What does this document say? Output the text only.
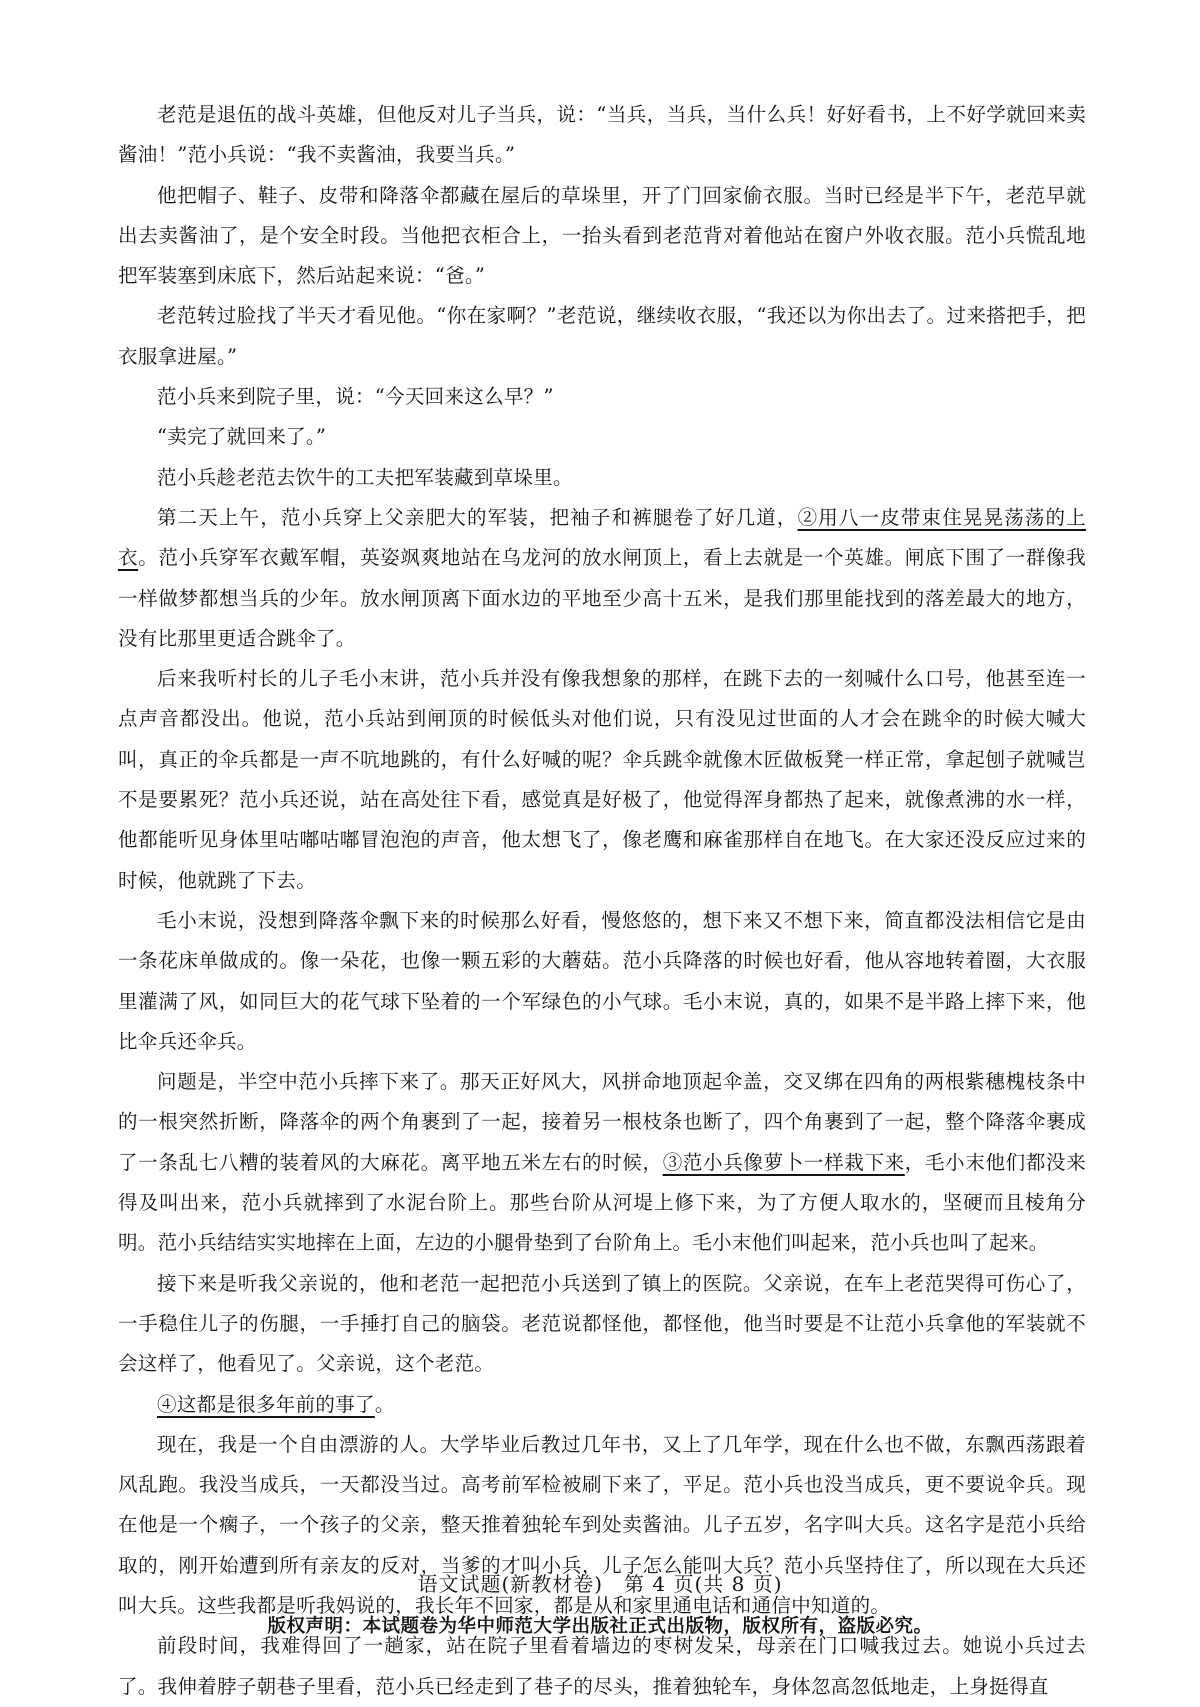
老范是退伍的战斗英雄，但他反对儿子当兵，说：“当兵，当兵，当什么兵！好好看书，上不好学就回来卖酱油！”范小兵说：“我不卖酱油，我要当兵。”

他把帽子、鞋子、皮带和降落伞都藏在屋后的草垛里，开了门回家偷衣服。当时已经是半下午，老范早就出去卖酱油了，是个安全时段。当他把衣柜合上，一抬头看到老范背对着他站在窗户外收衣服。范小兵慌乱地把军装塞到床底下，然后站起来说：“爸。”

老范转过脸找了半天才看见他。“你在家啊？”老范说，继续收衣服，“我还以为你出去了。过来搭把手，把衣服拿进屋。”

范小兵来到院子里，说：“今天回来这么早？”

“卖完了就回来了。”

范小兵趁老范去饮牛的工夫把军装藏到草垛里。

第二天上午，范小兵穿上父亲肥大的军装，把袖子和裤腿卷了好几道，②用八一皮带束住晃晃荡荡的上衣。范小兵穿军衣戴军帽，英姿飒爽地站在乌龙河的放水闸顶上，看上去就是一个英雄。闸底下围了一群像我一样做梦都想当兵的少年。放水闸顶离下面水边的平地至少高十五米，是我们那里能找到的落差最大的地方，没有比那里更适合跳伞了。

后来我听村长的儿子毛小末讲，范小兵并没有像我想象的那样，在跳下去的一刻喊什么口号，他甚至连一点声音都没出。他说，范小兵站到闸顶的时候低头对他们说，只有没见过世面的人才会在跳伞的时候大喊大叫，真正的伞兵都是一声不吭地跳的，有什么好喊的呢？伞兵跳伞就像木匠做板凳一样正常，拿起刨子就喊岂不是要累死？范小兵还说，站在高处往下看，感觉真是好极了，他觉得浑身都热了起来，就像煮沸的水一样，他都能听见身体里咕嘟咕嘟冒泡泡的声音，他太想飞了，像老鹰和麻雀那样自在地飞。在大家还没反应过来的时候，他就跳了下去。

毛小末说，没想到降落伞飘下来的时候那么好看，慢悠悠的，想下来又不想下来，简直都没法相信它是由一条花床单做成的。像一朵花，也像一颗五彩的大蘑菇。范小兵降落的时候也好看，他从容地转着圈，大衣服里灌满了风，如同巨大的花气球下坠着的一个军绿色的小气球。毛小末说，真的，如果不是半路上摔下来，他比伞兵还伞兵。

问题是，半空中范小兵摔下来了。那天正好风大，风拼命地顶起伞盖，交叉绑在四角的两根紫穗槐枝条中的一根突然折断，降落伞的两个角裹到了一起，接着另一根枝条也断了，四个角裹到了一起，整个降落伞裹成了一条乱七八糟的装着风的大麻花。离平地五米左右的时候，③范小兵像萝卜一样栽下来，毛小末他们都没来得及叫出来，范小兵就摔到了水泥台阶上。那些台阶从河堤上修下来，为了方便人取水的，坚硬而且棱角分明。范小兵结结实实地摔在上面，左边的小腿骨垫到了台阶角上。毛小末他们叫起来，范小兵也叫了起来。

接下来是听我父亲说的，他和老范一起把范小兵送到了镇上的医院。父亲说，在车上老范哭得可伤心了，一手稳住儿子的伤腿，一手捶打自己的脑袋。老范说都怪他，都怪他，他当时要是不让范小兵拿他的军装就不会这样了，他看见了。父亲说，这个老范。

④这都是很多年前的事了。

现在，我是一个自由漂游的人。大学毕业后教过几年书，又上了几年学，现在什么也不做，东飘西荡跟着风乱跑。我没当成兵，一天都没当过。高考前军检被刷下来了，平足。范小兵也没当成兵，更不要说伞兵。现在他是一个瘸子，一个孩子的父亲，整天推着独轮车到处卖酱油。儿子五岁，名字叫大兵。这名字是范小兵给取的，刚开始遭到所有亲友的反对，当爹的才叫小兵，儿子怎么能叫大兵？范小兵坚持住了，所以现在大兵还叫大兵。这些我都是听我妈说的，我长年不回家，都是从和家里通电话和通信中知道的。

前段时间，我难得回了一趟家，站在院子里看着墙边的枣树发呆，母亲在门口喊我过去。她说小兵过去了。我伸着脖子朝巷子里看，范小兵已经走到了巷子的尽头，推着独轮车，身体忽高忽低地走，上身挺得直

语文试题(新教材卷)　第 4 页(共 8 页)
版权声明：本试题卷为华中师范大学出版社正式出版物，版权所有，盗版必究。
